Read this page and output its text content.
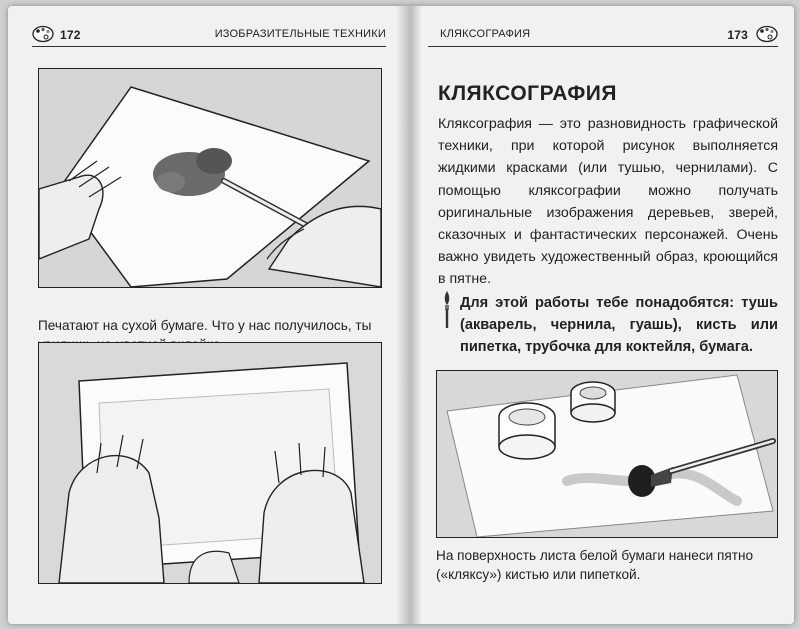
172	ИЗОБРАЗИТЕЛЬНЫЕ ТЕХНИКИ	КЛЯКСОГРАФИЯ	173

Печатают на сухой бумаге. Что у нас получилось, ты

КЛЯКСОГРАФИЯ

Кляксография — это разновидность графической техники, при которой рисунок выполняется жидкими красками (или тушью, чернилами). С помощью кляксографии можно получать оригинальные изображения деревьев, зверей, сказочных и фантастических персонажей. Очень важно увидеть художественный образ, кроющийся в пятне.

Для этой работы тебе понадобятся: тушь (акварель, чернила, гуашь), кисть или пипетка, трубочка для коктейля, бумага.

На поверхность листа белой бумаги нанеси пятно («кляксу») кистью или пипеткой.
